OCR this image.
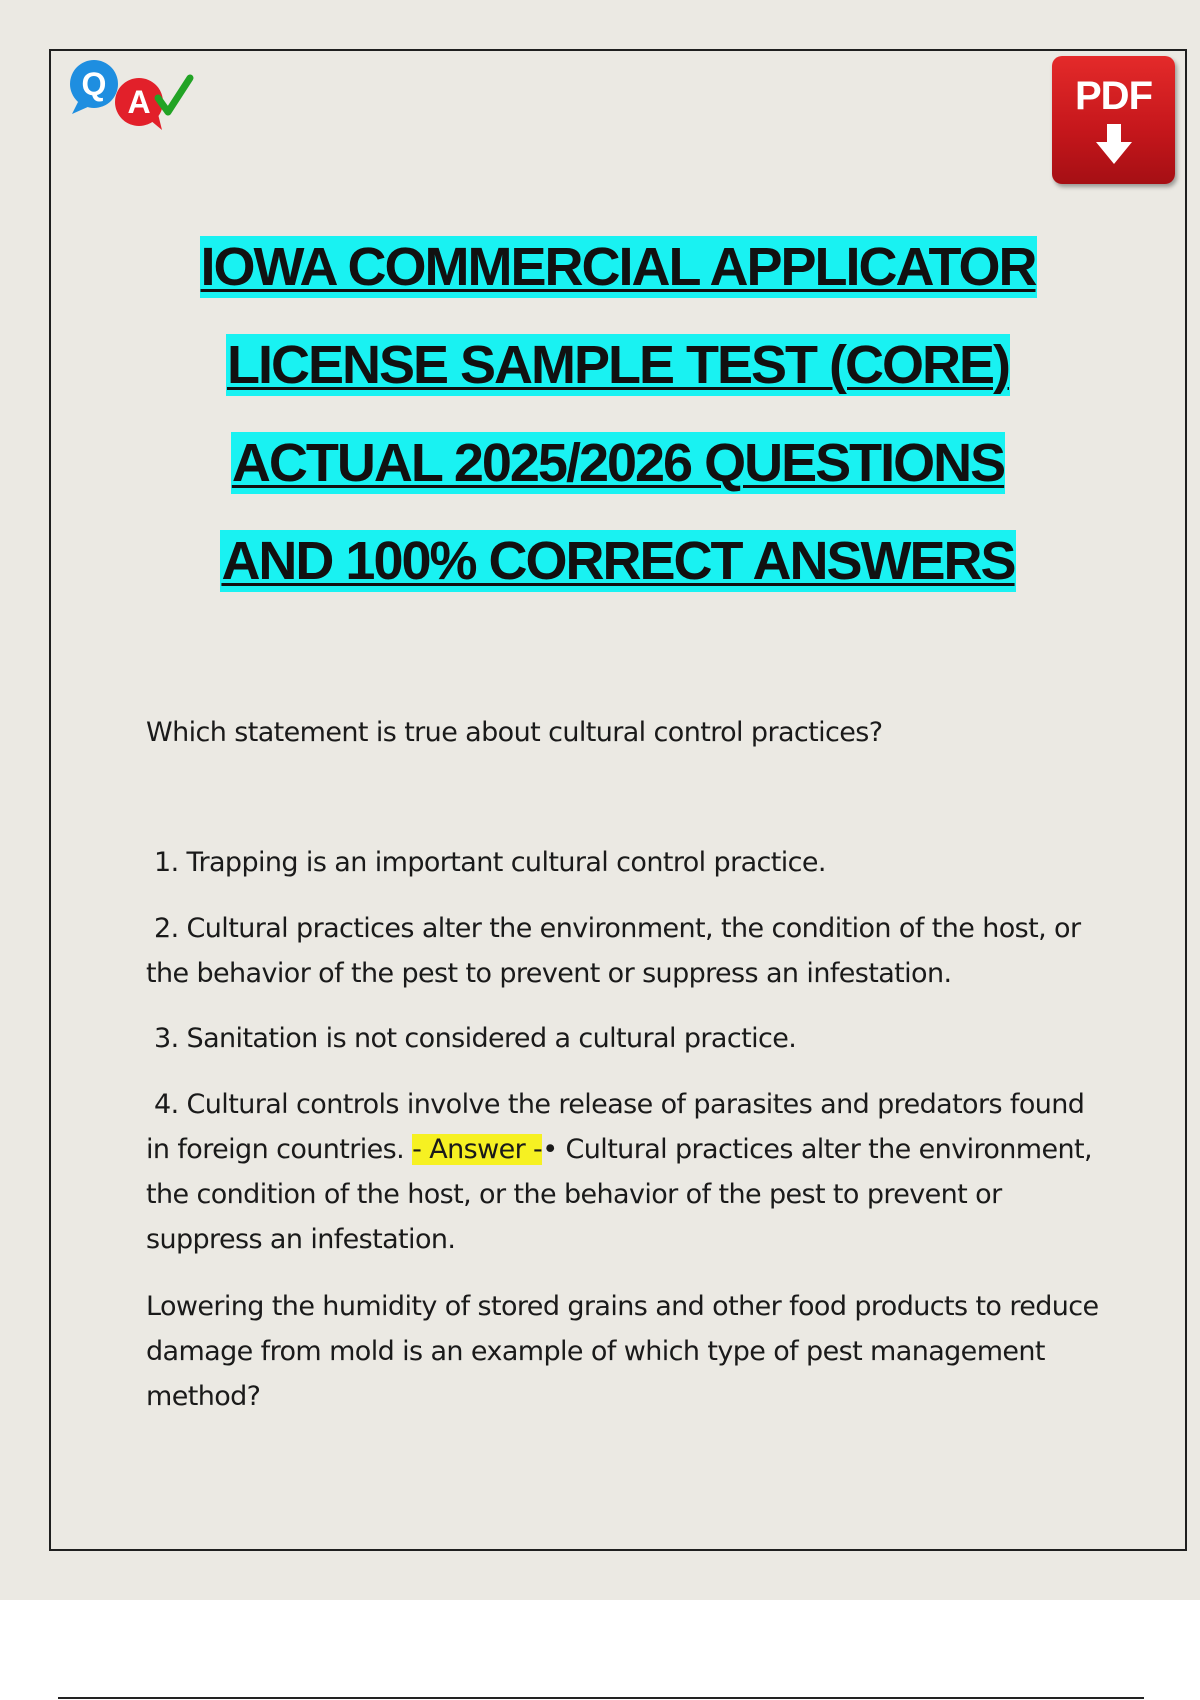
Q A	PDF
IOWA COMMERCIAL APPLICATOR
LICENSE SAMPLE TEST (CORE)
ACTUAL 2025/2026 QUESTIONS
AND 100% CORRECT ANSWERS

Which statement is true about cultural control practices?

1. Trapping is an important cultural control practice.

2. Cultural practices alter the environment, the condition of the host, or the behavior of the pest to prevent or suppress an infestation.

3. Sanitation is not considered a cultural practice.

4. Cultural controls involve the release of parasites and predators found in foreign countries. - Answer -• Cultural practices alter the environment, the condition of the host, or the behavior of the pest to prevent or suppress an infestation.

Lowering the humidity of stored grains and other food products to reduce damage from mold is an example of which type of pest management method?
